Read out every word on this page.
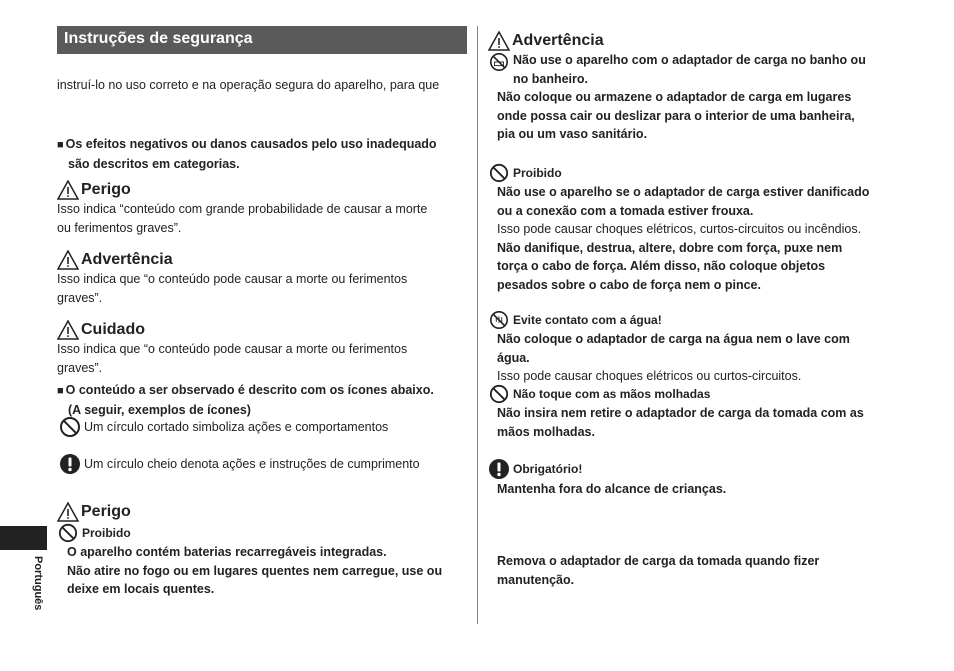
Instruções de segurança
instruí-lo no uso correto e na operação segura do aparelho, para que
■ Os efeitos negativos ou danos causados pelo uso inadequado
são descritos em categorias.
Perigo
Isso indica “conteúdo com grande probabilidade de causar a morte
ou ferimentos graves”.
Advertência
Isso indica que “o conteúdo pode causar a morte ou ferimentos
graves”.
Cuidado
Isso indica que “o conteúdo pode causar a morte ou ferimentos
graves”.
■ O conteúdo a ser observado é descrito com os ícones abaixo.
(A seguir, exemplos de ícones)
Um círculo cortado simboliza ações e comportamentos
Um círculo cheio denota ações e instruções de cumprimento
Perigo
Proibido
O aparelho contém baterias recarregáveis integradas.
Não atire no fogo ou em lugares quentes nem carregue, use ou
deixe em locais quentes.
Advertência
Não use o aparelho com o adaptador de carga no banho ou
no banheiro.
Não coloque ou armazene o adaptador de carga em lugares
onde possa cair ou deslizar para o interior de uma banheira,
pia ou um vaso sanitário.
Proibido
Não use o aparelho se o adaptador de carga estiver danificado
ou a conexão com a tomada estiver frouxa.
Isso pode causar choques elétricos, curtos-circuitos ou incêndios.
Não danifique, destrua, altere, dobre com força, puxe nem
torça o cabo de força. Além disso, não coloque objetos
pesados sobre o cabo de força nem o pince.
Evite contato com a água!
Não coloque o adaptador de carga na água nem o lave com
água.
Isso pode causar choques elétricos ou curtos-circuitos.
Não toque com as mãos molhadas
Não insira nem retire o adaptador de carga da tomada com as
mãos molhadas.
Obrigatório!
Mantenha fora do alcance de crianças.
Remova o adaptador de carga da tomada quando fizer
manutenção.
Português
